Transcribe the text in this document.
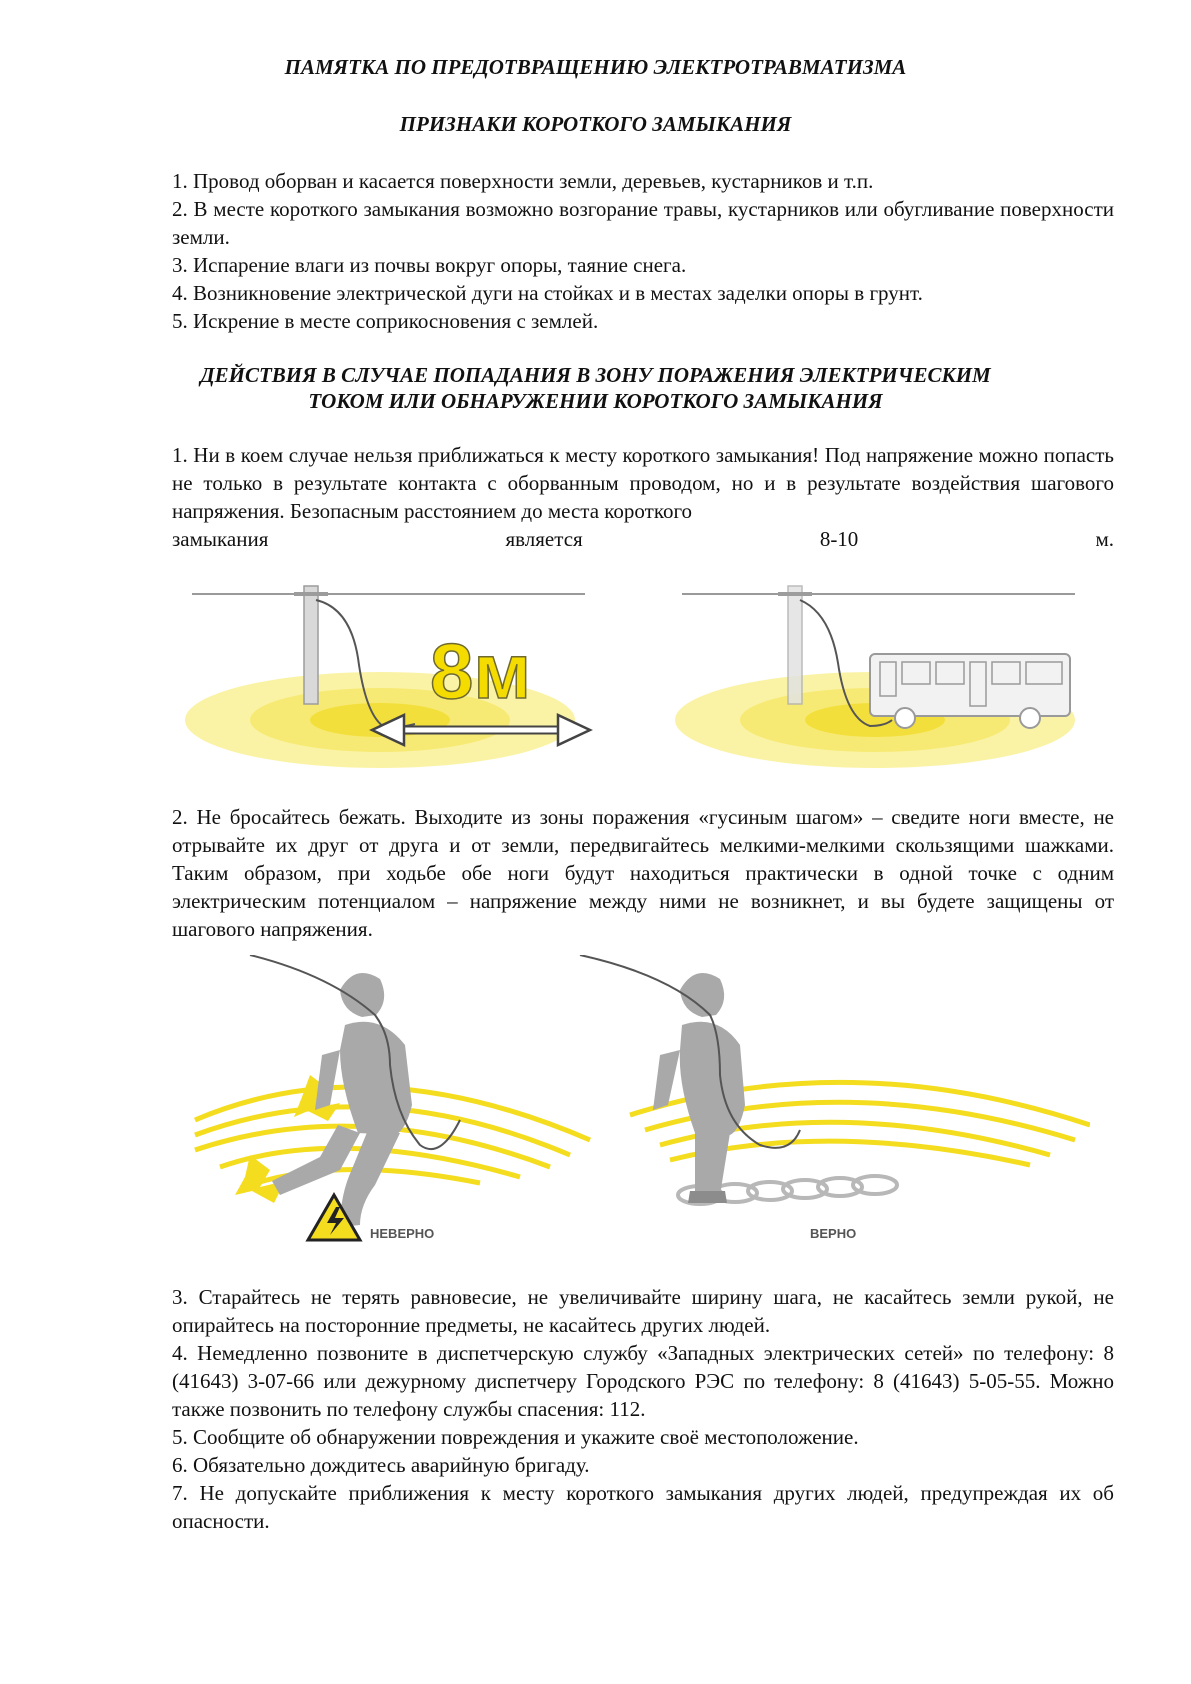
ПАМЯТКА ПО ПРЕДОТВРАЩЕНИЮ ЭЛЕКТРОТРАВМАТИЗМА
ПРИЗНАКИ КОРОТКОГО ЗАМЫКАНИЯ
1. Провод оборван и касается поверхности земли, деревьев, кустарников и т.п.
2. В месте короткого замыкания возможно возгорание травы, кустарников или обугливание поверхности земли.
3. Испарение влаги из почвы вокруг опоры, таяние снега.
4. Возникновение электрической дуги на стойках и в местах заделки опоры в грунт.
5. Искрение в месте соприкосновения с землей.
ДЕЙСТВИЯ В СЛУЧАЕ ПОПАДАНИЯ В ЗОНУ ПОРАЖЕНИЯ ЭЛЕКТРИЧЕСКИМ
ТОКОМ ИЛИ ОБНАРУЖЕНИИ КОРОТКОГО ЗАМЫКАНИЯ
1. Ни в коем случае нельзя приближаться к месту короткого замыкания! Под напряжение можно попасть не только в результате контакта с оборванным проводом, но и в результате воздействия шагового напряжения. Безопасным расстоянием до места короткого
замыкания	является	8-10	м.
8м
2. Не бросайтесь бежать. Выходите из зоны поражения «гусиным шагом» – сведите ноги вместе, не отрывайте их друг от друга и от земли, передвигайтесь мелкими-мелкими скользящими шажками. Таким образом, при ходьбе обе ноги будут находиться практически в одной точке с одним электрическим потенциалом – напряжение между ними не возникнет, и вы будете защищены от шагового напряжения.
НЕВЕРНО	ВЕРНО
3. Старайтесь не терять равновесие, не увеличивайте ширину шага, не касайтесь земли рукой, не опирайтесь на посторонние предметы, не касайтесь других людей.
4. Немедленно позвоните в диспетчерскую службу «Западных электрических сетей» по телефону: 8 (41643) 3-07-66 или дежурному диспетчеру Городского РЭС по телефону: 8 (41643) 5-05-55. Можно также позвонить по телефону службы спасения: 112.
5. Сообщите об обнаружении повреждения и укажите своё местоположение.
6. Обязательно дождитесь аварийную бригаду.
7. Не допускайте приближения к месту короткого замыкания других людей, предупреждая их об опасности.
